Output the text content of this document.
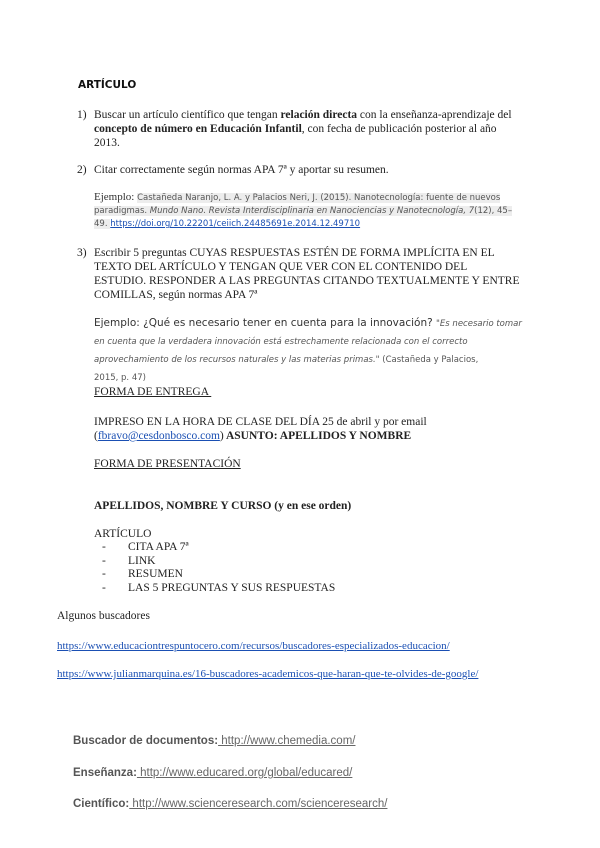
ARTÍCULO
1) Buscar un artículo científico que tengan relación directa con la enseñanza-aprendizaje del
concepto de número en Educación Infantil, con fecha de publicación posterior al año
2013.
2) Citar correctamente según normas APA 7ª y aportar su resumen.
Ejemplo: Castañeda Naranjo, L. A. y Palacios Neri, J. (2015). Nanotecnología: fuente de nuevos
paradigmas. Mundo Nano. Revista Interdisciplinaria en Nanociencias y Nanotecnología, 7(12), 45–
49. https://doi.org/10.22201/ceiich.24485691e.2014.12.49710
3) Escribir 5 preguntas CUYAS RESPUESTAS ESTÉN DE FORMA IMPLÍCITA EN EL
TEXTO DEL ARTÍCULO Y TENGAN QUE VER CON EL CONTENIDO DEL
ESTUDIO. RESPONDER A LAS PREGUNTAS CITANDO TEXTUALMENTE Y ENTRE
COMILLAS, según normas APA 7ª
Ejemplo: ¿Qué es necesario tener en cuenta para la innovación? "Es necesario tomar
en cuenta que la verdadera innovación está estrechamente relacionada con el correcto
aprovechamiento de los recursos naturales y las materias primas." (Castañeda y Palacios,
2015, p. 47)
FORMA DE ENTREGA
IMPRESO EN LA HORA DE CLASE DEL DÍA 25 de abril y por email
(fbravo@cesdonbosco.com) ASUNTO: APELLIDOS Y NOMBRE
FORMA DE PRESENTACIÓN
APELLIDOS, NOMBRE Y CURSO (y en ese orden)
ARTÍCULO
- CITA APA 7ª
- LINK
- RESUMEN
- LAS 5 PREGUNTAS Y SUS RESPUESTAS
Algunos buscadores
https://www.educaciontrespuntocero.com/recursos/buscadores-especializados-educacion/
https://www.julianmarquina.es/16-buscadores-academicos-que-haran-que-te-olvides-de-google/

Buscador de documentos: http://www.chemedia.com/

Enseñanza: http://www.educared.org/global/educared/

Científico: http://www.scienceresearch.com/scienceresearch/
